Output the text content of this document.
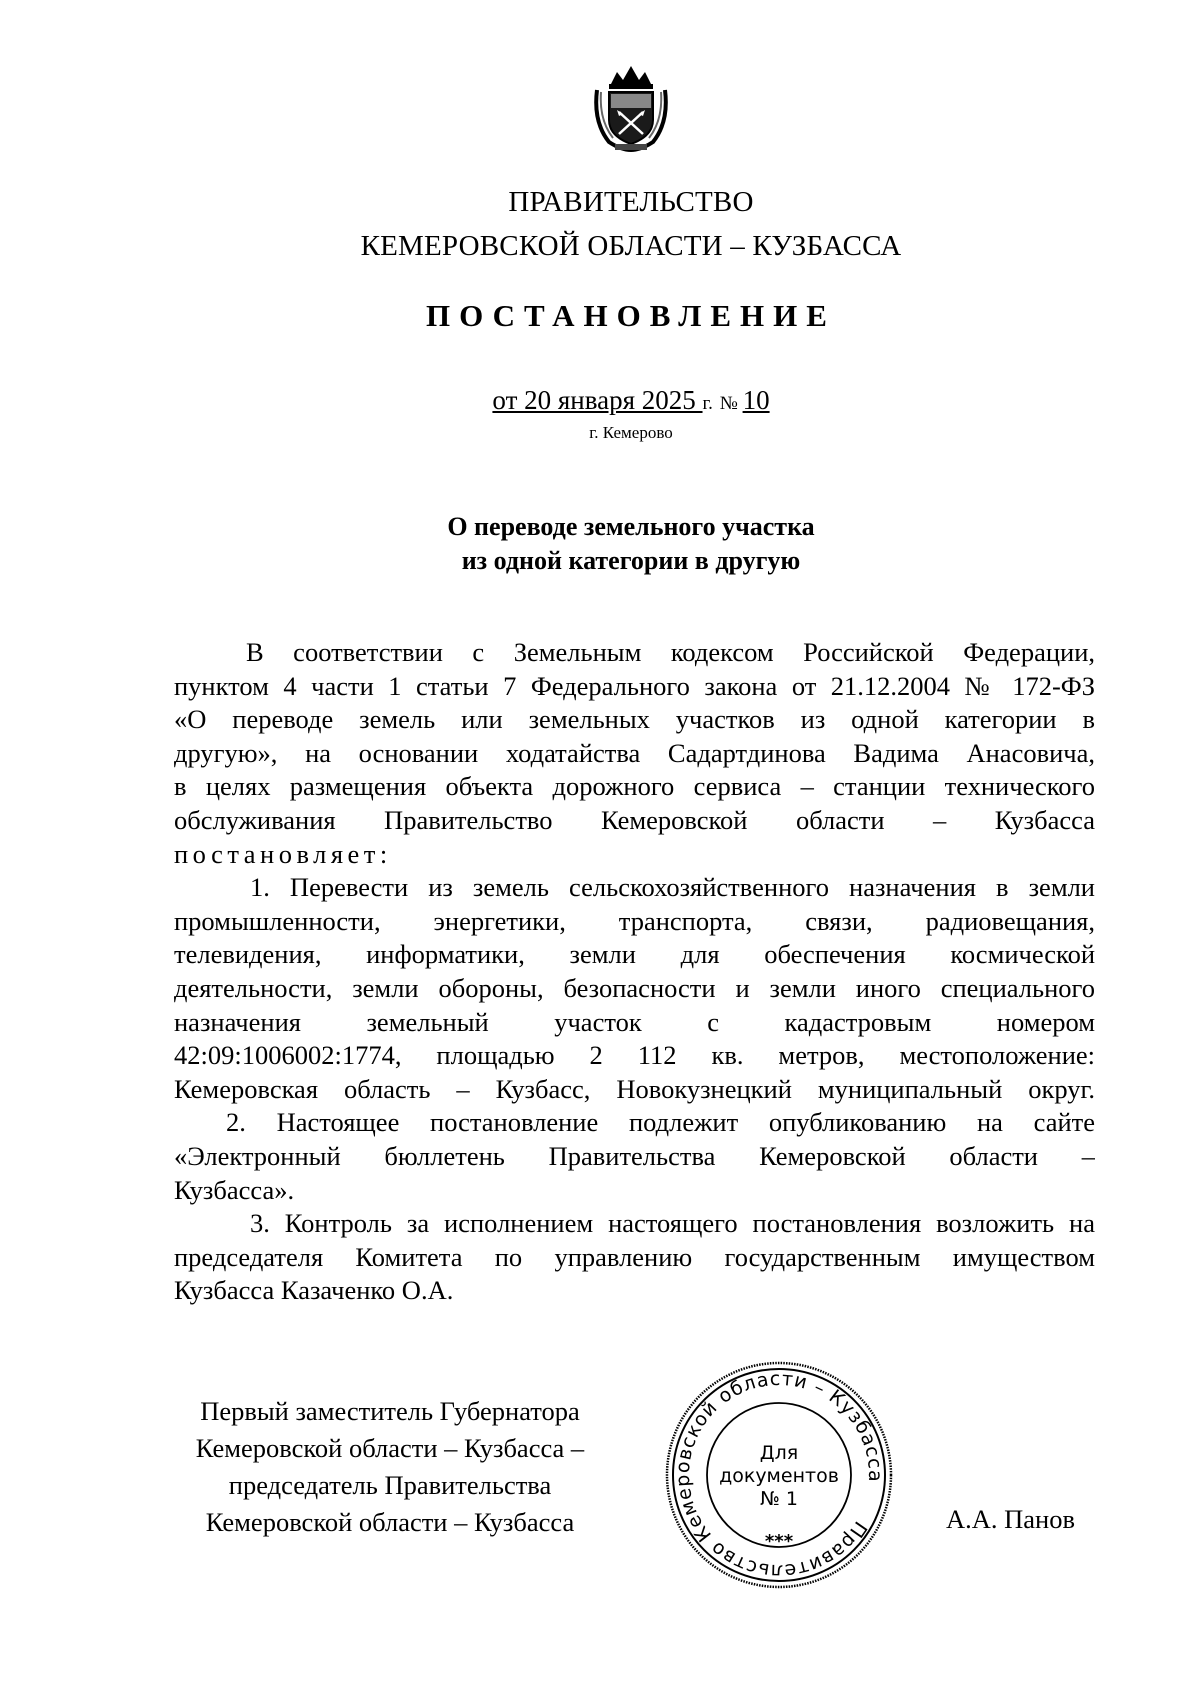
ПРАВИТЕЛЬСТВО
КЕМЕРОВСКОЙ ОБЛАСТИ – КУЗБАССА
ПОСТАНОВЛЕНИЕ
от 20 января 2025 г. № 10
г. Кемерово
О переводе земельного участка
из одной категории в другую
В соответствии с Земельным кодексом Российской Федерации,
пунктом 4 части 1 статьи 7 Федерального закона от 21.12.2004 № 172-ФЗ
«О переводе земель или земельных участков из одной категории в
другую», на основании ходатайства Садартдинова Вадима Анасовича,
в целях размещения объекта дорожного сервиса – станции технического
обслуживания Правительство Кемеровской области – Кузбасса
постановляет:
1. Перевести из земель сельскохозяйственного назначения в земли
промышленности, энергетики, транспорта, связи, радиовещания,
телевидения, информатики, земли для обеспечения космической
деятельности, земли обороны, безопасности и земли иного специального
назначения земельный участок с кадастровым номером
42:09:1006002:1774, площадью 2 112 кв. метров, местоположение:
Кемеровская область – Кузбасс, Новокузнецкий муниципальный округ.
2. Настоящее постановление подлежит опубликованию на сайте
«Электронный бюллетень Правительства Кемеровской области –
Кузбасса».
3. Контроль за исполнением настоящего постановления возложить на
председателя Комитета по управлению государственным имуществом
Кузбасса Казаченко О.А.
Первый заместитель Губернатора
Кемеровской области – Кузбасса –
председатель Правительства
Кемеровской области – Кузбасса	Правительство Кемеровской области – Кузбасса
***
Для
документов
№ 1
А.А. Панов
